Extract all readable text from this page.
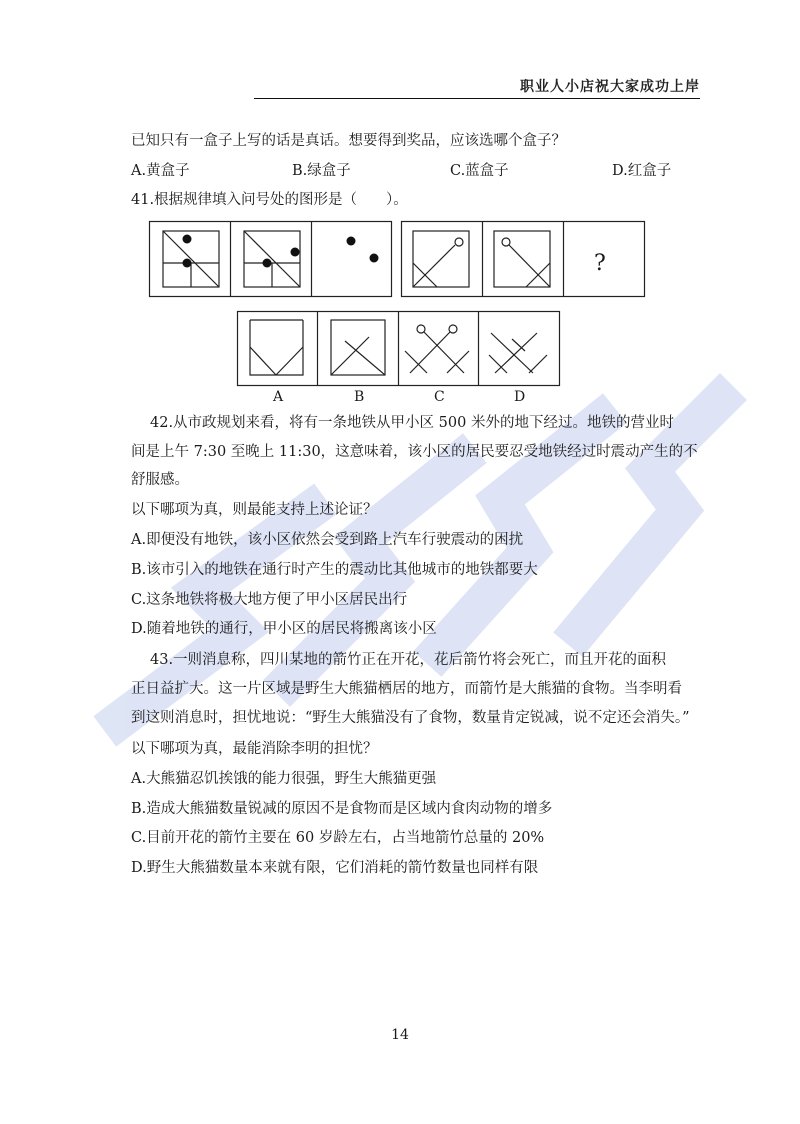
职业人小店祝大家成功上岸
已知只有一盒子上写的话是真话。想要得到奖品，应该选哪个盒子？
A.黄盒子	B.绿盒子	C.蓝盒子	D.红盒子
41.根据规律填入问号处的图形是（　　）。
?
A	B	C	D
42.从市政规划来看，将有一条地铁从甲小区 500 米外的地下经过。地铁的营业时
间是上午 7:30 至晚上 11:30，这意味着，该小区的居民要忍受地铁经过时震动产生的不
舒服感。
以下哪项为真，则最能支持上述论证？
A.即便没有地铁，该小区依然会受到路上汽车行驶震动的困扰
B.该市引入的地铁在通行时产生的震动比其他城市的地铁都要大
C.这条地铁将极大地方便了甲小区居民出行
D.随着地铁的通行，甲小区的居民将搬离该小区
43.一则消息称，四川某地的箭竹正在开花，花后箭竹将会死亡，而且开花的面积
正日益扩大。这一片区域是野生大熊猫栖居的地方，而箭竹是大熊猫的食物。当李明看
到这则消息时，担忧地说：“野生大熊猫没有了食物，数量肯定锐减，说不定还会消失。”
以下哪项为真，最能消除李明的担忧？
A.大熊猫忍饥挨饿的能力很强，野生大熊猫更强
B.造成大熊猫数量锐减的原因不是食物而是区域内食肉动物的增多
C.目前开花的箭竹主要在 60 岁龄左右，占当地箭竹总量的 20%
D.野生大熊猫数量本来就有限，它们消耗的箭竹数量也同样有限
14
